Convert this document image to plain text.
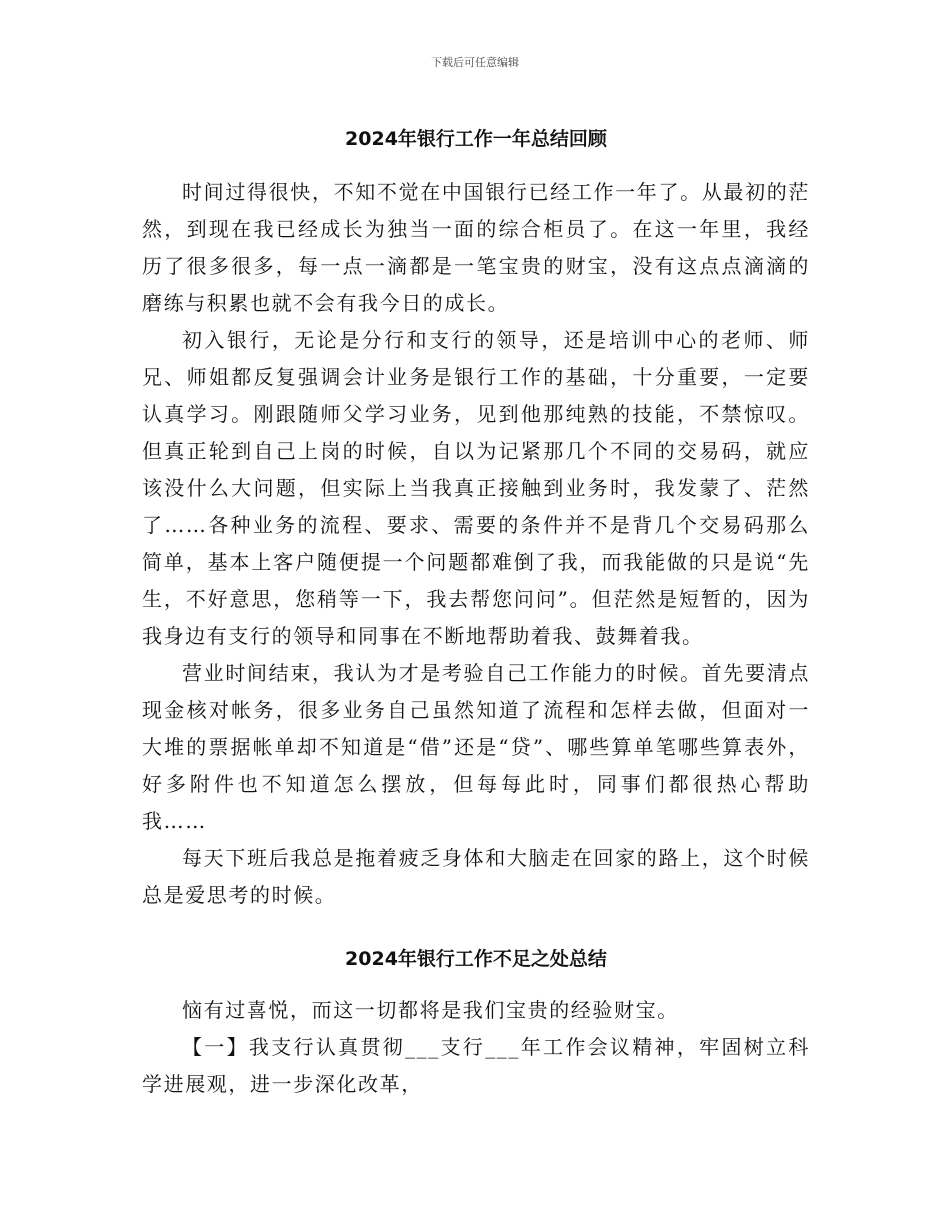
下载后可任意编辑
2024年银行工作一年总结回顾

时间过得很快，不知不觉在中国银行已经工作一年了。从最初的茫然，到现在我已经成长为独当一面的综合柜员了。在这一年里，我经历了很多很多，每一点一滴都是一笔宝贵的财宝，没有这点点滴滴的磨练与积累也就不会有我今日的成长。

初入银行，无论是分行和支行的领导，还是培训中心的老师、师兄、师姐都反复强调会计业务是银行工作的基础，十分重要，一定要认真学习。刚跟随师父学习业务，见到他那纯熟的技能，不禁惊叹。但真正轮到自己上岗的时候，自以为记紧那几个不同的交易码，就应该没什么大问题，但实际上当我真正接触到业务时，我发蒙了、茫然了……各种业务的流程、要求、需要的条件并不是背几个交易码那么简单，基本上客户随便提一个问题都难倒了我，而我能做的只是说“先生，不好意思，您稍等一下，我去帮您问问”。但茫然是短暂的，因为我身边有支行的领导和同事在不断地帮助着我、鼓舞着我。

营业时间结束，我认为才是考验自己工作能力的时候。首先要清点现金核对帐务，很多业务自己虽然知道了流程和怎样去做，但面对一大堆的票据帐单却不知道是“借”还是“贷”、哪些算单笔哪些算表外，好多附件也不知道怎么摆放，但每每此时，同事们都很热心帮助我……

每天下班后我总是拖着疲乏身体和大脑走在回家的路上，这个时候总是爱思考的时候。

2024年银行工作不足之处总结

恼有过喜悦，而这一切都将是我们宝贵的经验财宝。

【一】我支行认真贯彻___支行___年工作会议精神，牢固树立科学进展观，进一步深化改革，
